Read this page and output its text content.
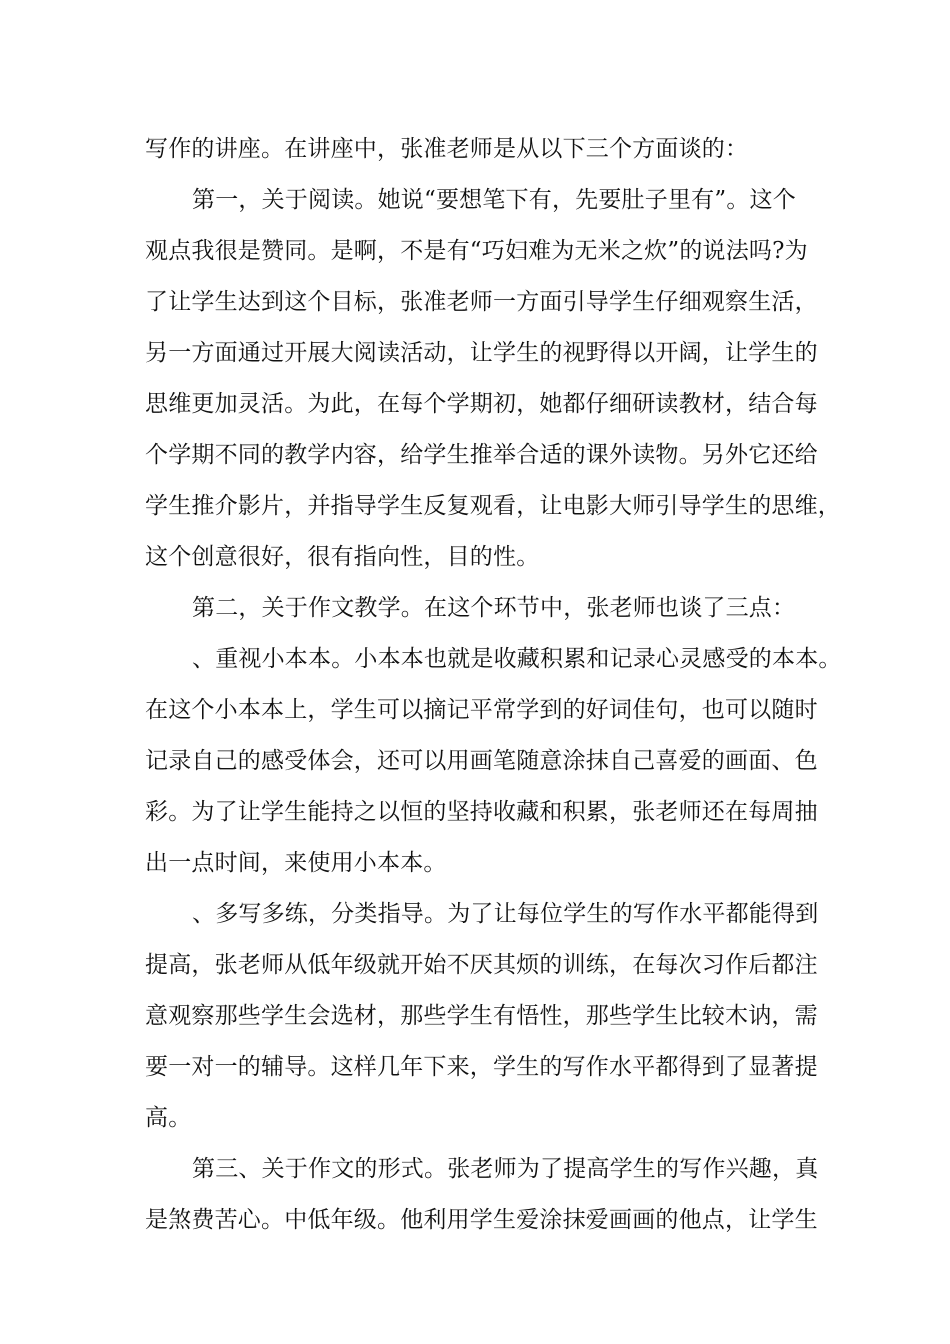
写作的讲座。在讲座中，张准老师是从以下三个方面谈的：
第一，关于阅读。她说“要想笔下有，先要肚子里有”。这个
观点我很是赞同。是啊，不是有“巧妇难为无米之炊”的说法吗?为
了让学生达到这个目标，张准老师一方面引导学生仔细观察生活，
另一方面通过开展大阅读活动，让学生的视野得以开阔，让学生的
思维更加灵活。为此，在每个学期初，她都仔细研读教材，结合每
个学期不同的教学内容，给学生推举合适的课外读物。另外它还给
学生推介影片，并指导学生反复观看，让电影大师引导学生的思维，
这个创意很好，很有指向性，目的性。
第二，关于作文教学。在这个环节中，张老师也谈了三点：
、重视小本本。小本本也就是收藏积累和记录心灵感受的本本。
在这个小本本上，学生可以摘记平常学到的好词佳句，也可以随时
记录自己的感受体会，还可以用画笔随意涂抹自己喜爱的画面、色
彩。为了让学生能持之以恒的坚持收藏和积累，张老师还在每周抽
出一点时间，来使用小本本。
、多写多练，分类指导。为了让每位学生的写作水平都能得到
提高，张老师从低年级就开始不厌其烦的训练，在每次习作后都注
意观察那些学生会选材，那些学生有悟性，那些学生比较木讷，需
要一对一的辅导。这样几年下来，学生的写作水平都得到了显著提
高。
第三、关于作文的形式。张老师为了提高学生的写作兴趣，真
是煞费苦心。中低年级。他利用学生爱涂抹爱画画的他点，让学生
